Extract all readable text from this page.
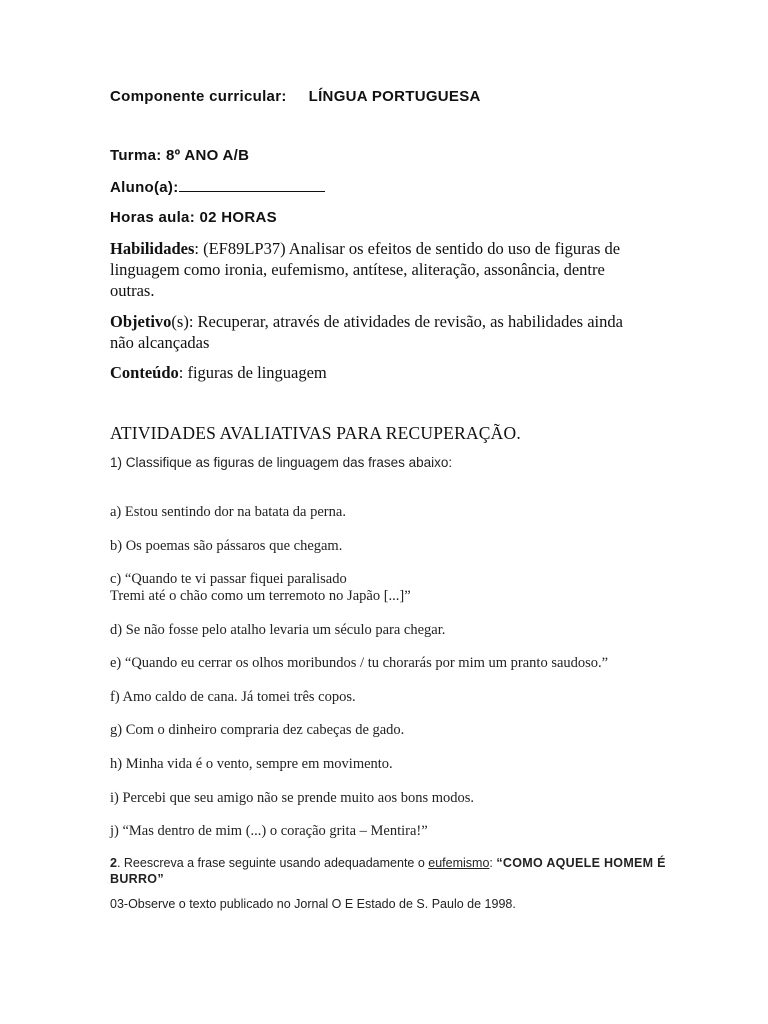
Componente curricular: LÍNGUA PORTUGUESA
Turma: 8º ANO A/B
Aluno(a):
Horas aula: 02 HORAS
Habilidades: (EF89LP37) Analisar os efeitos de sentido do uso de figuras de linguagem como ironia, eufemismo, antítese, aliteração, assonância, dentre outras.
Objetivo(s): Recuperar, através de atividades de revisão, as habilidades ainda não alcançadas
Conteúdo: figuras de linguagem
ATIVIDADES AVALIATIVAS PARA RECUPERAÇÃO.
1) Classifique as figuras de linguagem das frases abaixo:
a) Estou sentindo dor na batata da perna.
b) Os poemas são pássaros que chegam.
c) “Quando te vi passar fiquei paralisado
Tremi até o chão como um terremoto no Japão [...]”
d) Se não fosse pelo atalho levaria um século para chegar.
e) “Quando eu cerrar os olhos moribundos / tu chorarás por mim um pranto saudoso.”
f) Amo caldo de cana. Já tomei três copos.
g) Com o dinheiro compraria dez cabeças de gado.
h) Minha vida é o vento, sempre em movimento.
i) Percebi que seu amigo não se prende muito aos bons modos.
j) “Mas dentro de mim (...) o coração grita – Mentira!”
2. Reescreva a frase seguinte usando adequadamente o eufemismo: “COMO AQUELE HOMEM É BURRO”
03-Observe o texto publicado no Jornal O E Estado de S. Paulo de 1998.
